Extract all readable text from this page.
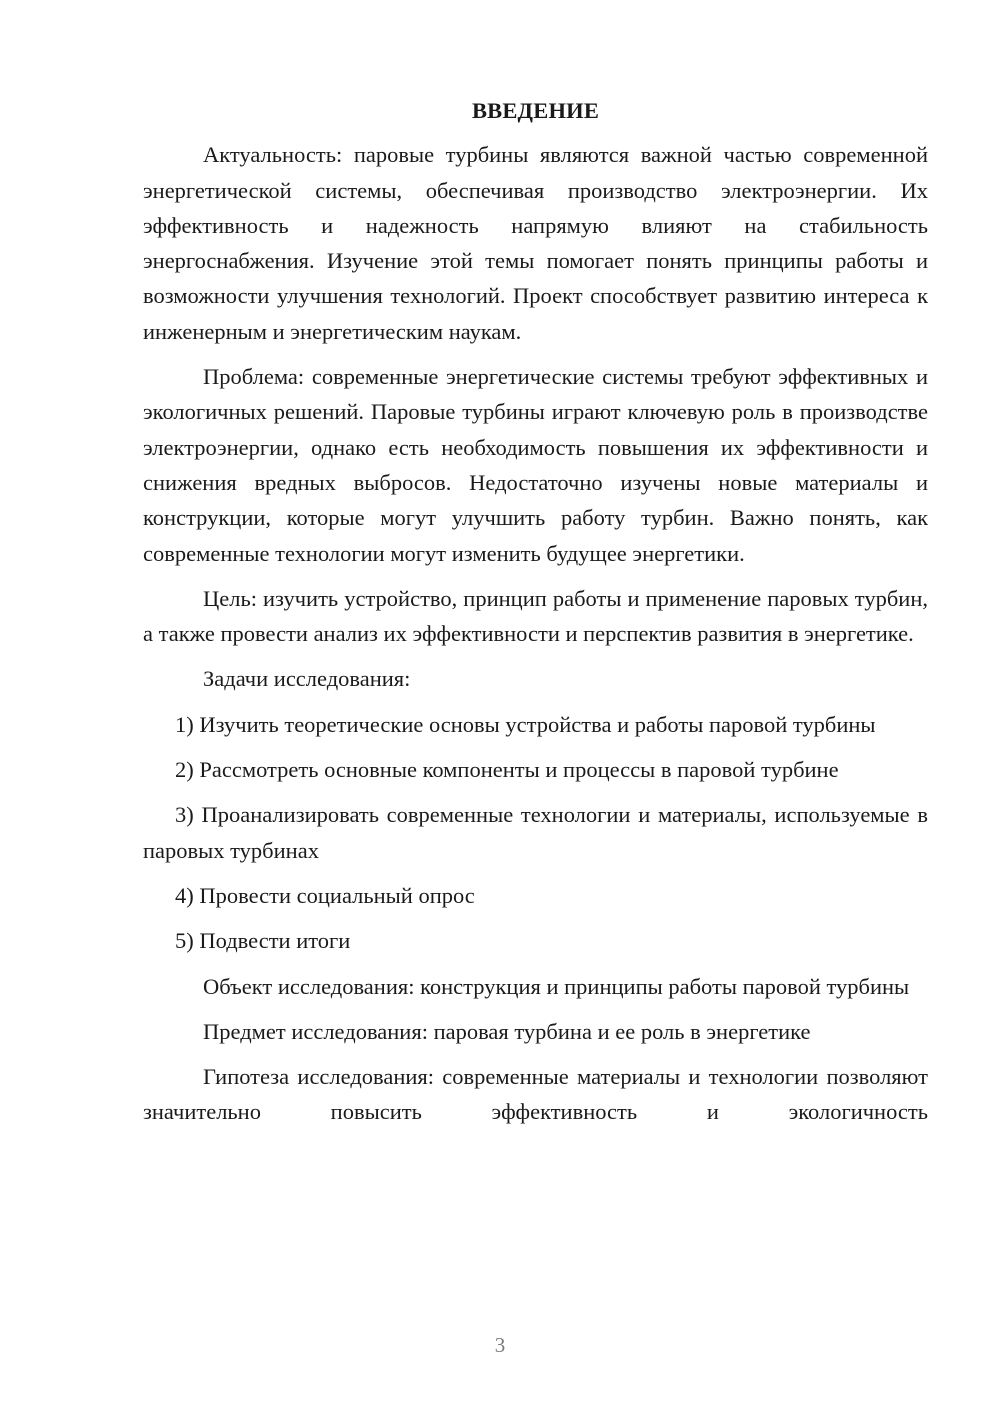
ВВЕДЕНИЕ

Актуальность: паровые турбины являются важной частью современной энергетической системы, обеспечивая производство электроэнергии. Их эффективность и надежность напрямую влияют на стабильность энергоснабжения. Изучение этой темы помогает понять принципы работы и возможности улучшения технологий. Проект способствует развитию интереса к инженерным и энергетическим наукам.

Проблема: современные энергетические системы требуют эффективных и экологичных решений. Паровые турбины играют ключевую роль в производстве электроэнергии, однако есть необходимость повышения их эффективности и снижения вредных выбросов. Недостаточно изучены новые материалы и конструкции, которые могут улучшить работу турбин. Важно понять, как современные технологии могут изменить будущее энергетики.

Цель: изучить устройство, принцип работы и применение паровых турбин, а также провести анализ их эффективности и перспектив развития в энергетике.

Задачи исследования:

1) Изучить теоретические основы устройства и работы паровой турбины

2) Рассмотреть основные компоненты и процессы в паровой турбине

3) Проанализировать современные технологии и материалы, используемые в паровых турбинах

4) Провести социальный опрос

5) Подвести итоги

Объект исследования: конструкция и принципы работы паровой турбины

Предмет исследования: паровая турбина и ее роль в энергетике

Гипотеза исследования: современные материалы и технологии позволяют значительно повысить эффективность и экологичность

3
